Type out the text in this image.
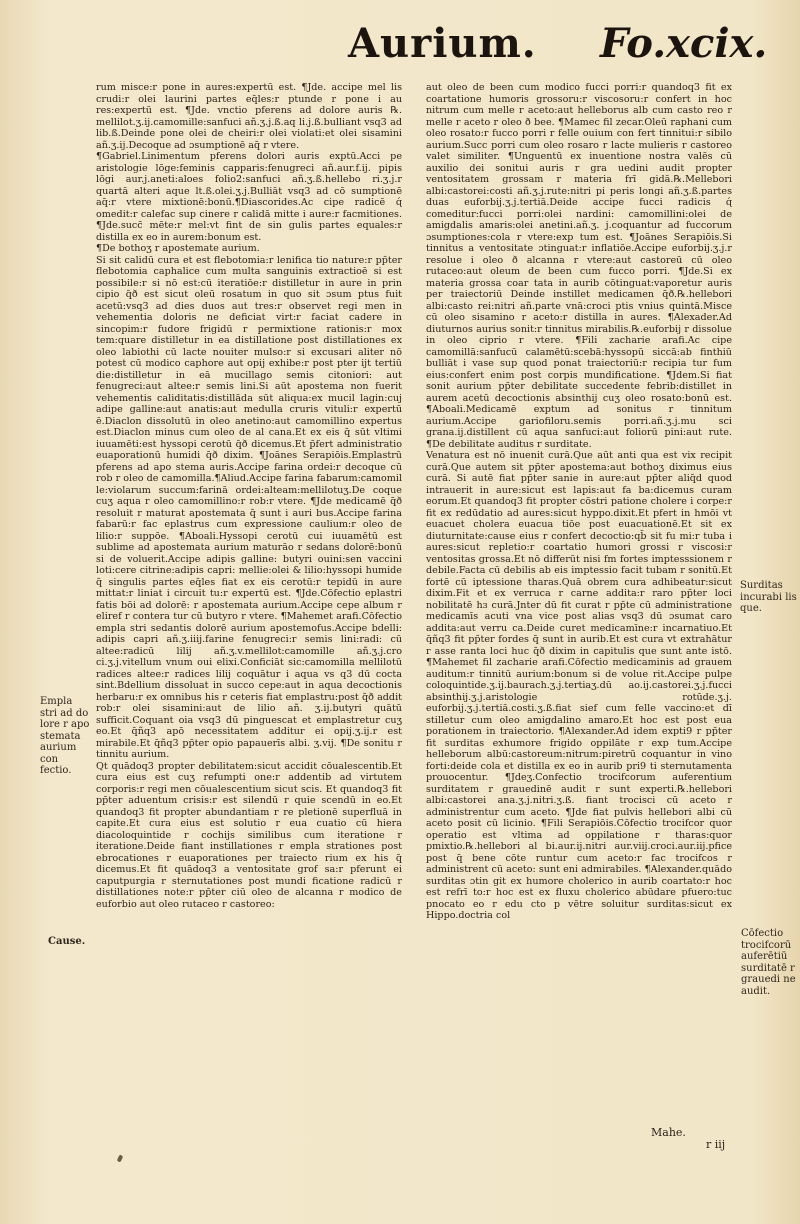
Aurium. Fo.xcix.

rum misce:r pone in aures:expertū est. ¶Jde. accipe mel lis crudi:r olei laurini partes eq̄les:r ptunde r pone i au res:expertū est. ¶Jde. vnctio pferens ad dolore auris ℞. mellilot.ʒ.ij.camomille:sanfuci añ.ʒ.j.ß.aq li.j.ß.bulliant vsq3 ad lib.ß.Deinde pone olei de cheiri:r olei violati:et olei sisamini añ.ʒ.ij.Decoque ad ɔsumptionē aq̄ r vtere.

¶Gabriel.Linimentum pferens dolori auris exptū.Acci pe aristologie lōge:feminis capparis:fenugreci añ.aur.f.ij. pipis lōgi aur.j.aneti:aloes folio2:sanfuci añ.ʒ.ß.hellebo ri.ʒ.j.r quartā alteri aque lt.ß.olei.ʒ.j.Bulliāt vsq3 ad cō sumptionē aq̄:r vtere mixtionē:bonū.¶Diascorides.Ac cipe radicē ɋ́ omedit:r calefac sup cinere r calidā mitte i aure:r facmitiones. ¶Jde.succ̄ mēte:r mel:vt fint de sin gulis partes equales:r distilla ex eo in aurem:bonum est.

¶De bothoʒ r apostemate aurium.

Si sit calidū cura et est flebotomia:r lenifica tio nature:r pp̄ter flebotomia caphalice cum multa sanguinis extractioē si est possibile:r si nō est:cū iteratiōe:r distilletur in aure in prin cipio q̄ð est sicut oleū rosatum in quo sit ɔsum ptus fuit acetū:vsq3 ad dies duos aut tres:r observet regi men in vehementia doloris ne deficiat virt:r faciat cadere in sincopim:r fudore frigidū r permixtione rationis:r mox tem:quare distilletur in ea distillatione post distillationes ex oleo labiothi cū lacte nouiter mulso:r si excusari aliter nō potest cū modico caphore aut opij exhibe:r post pter ijt tertiū die:distilletur in eā mucillago semis citoniori: aut fenugreci:aut altee:r semis lini.Si aūt apostema non fuerit vehementis caliditatis:distillāda sūt aliqua:ex mucil lagin:cuj adipe galline:aut anatis:aut medulla cruris vituli:r expertū ē.Diaclon dissolutū in oleo anetino:aut camomillino expertus est.Diaclon minus cum oleo de al cana.Et ex eis q̄ sūt vltimi iuuamēti:est hyssopi cerotū q̄ð dicemus.Et p̄fert administratio euaporationū humidi q̄ð dixim. ¶Joānes Serapiōis.Emplastrū pferens ad apo stema auris.Accipe farina ordei:r decoque cū rob r oleo de camomilla.¶Aliud.Accipe farina fabarum:camomil le:violarum succum:farinā ordei:alteam:mellilotuʒ.De coque cuʒ aqua r oleo camomillino:r rob:r vtere. ¶Jde medicamē q̄ð resoluit r maturat apostemata q̄ sunt i auri bus.Accipe farina fabarū:r fac eplastrus cum expressione caulium:r oleo de lilio:r suppōe. ¶Aboali.Hyssopi cerotū cui iuuamētū est sublime ad apostemata aurium maturāo r sedans dolorē:bonū si de voluerit.Accipe adipis galline: butyri ouini:sen vaccini loti:cere citrine:adipis capri: mellie:olei & lilio:hyssopi humide q̄ singulis partes eq̄les fiat ex eis cerotū:r tepidū in aure mittat:r liniat i circuit tu:r expertū est. ¶Jde.Cōfectio eplastri fatis bōi ad dolorē: r apostemata aurium.Accipe cepe album r eliref r contera tur cū butyro r vtere. ¶Mahemet arafi.Cōfectio empla stri sedantis dolorē aurium apostemofus.Accipe bdelli: adipis capri añ.ʒ.iiij.farine fenugreci:r semis lini:radi: cū altee:radicū lilij añ.ʒ.v.mellilot:camomille añ.ʒ.j.cro ci.ʒ.j.vitellum vnum oui elixi.Conficiāt sic:camomilla mellilotū radices altee:r radices lilij coquātur i aqua vs q3 dū cocta sint.Bdellium dissoluat in succo cepe:aut in aqua decoctionis herbaru:r ex omnibus his r ceteris fiat emplastru:post q̄ð addit rob:r olei sisamini:aut de lilio añ. ʒ.ij.butyri quātū sufficit.Coquant oia vsq3 dū pinguescat et emplastretur cuʒ eo.Et q̄ñq3 apō necessitatem additur ei opij.ʒ.ij.r est mirabile.Et q̄ñq3 pp̄ter opio papauerīs albi. ʒ.vij. ¶De sonitu r tinnitu aurium.

Qt quādoq3 propter debilitatem:sicut accidit cōualescentib.Et cura eius est cuʒ refumpti one:r addentib ad virtutem corporis:r regi men cōualescentium sicut scis. Et quandoq3 fit pp̄ter aduentum crisis:r est silendū r quie scendū in eo.Et quandoq3 fit propter abundantiam r re pletionē superfluā in capite.Et cura eius est solutio r eua cuatio cū hiera diacoloquintide r cochijs similibus cum iteratione r iteratione.Deide fiant instillationes r empla strationes post ebrocationes r euaporationes per traiecto rium ex his q̄ dicemus.Et fit quādoq3 a ventositate grof sa:r pferunt ei caputpurgia r sternutationes post mundi ficatione radicū r distillationes note:r pp̄ter ciū oleo de alcanna r modico de euforbio aut oleo rutaceo r castoreo:

aut oleo de been cum modico fucci porri:r quandoq3 fit ex coartatione humoris grossoru:r viscosoru:r confert in hoc nitrum cum melle r aceto:aut helleborus alb cum casto reo r melle r aceto r oleo ð bee. ¶Mamec fil zecar.Oleū raphani cum oleo rosato:r fucco porri r felle ouium con fert tinnitui:r sibilo aurium.Succ porri cum oleo rosaro r lacte mulieris r castoreo valet similiter. ¶Unguentū ex inuentione nostra valēs cū auxilio dei sonitui auris r gra uedini audit propter ventositatem grossam r materia frī gidā.℞.Mellebori albi:castorei:costi añ.ʒ.j.rute:nitri pi peris longi añ.ʒ.ß.partes duas euforbij.ʒ.j.tertiā.Deide accipe fucci radicis ɋ́ comeditur:fucci porri:olei nardini: camomillini:olei de amigdalis amaris:olei anetini.añ.ʒ. j.coquantur ad fuccorum ɔsumptiones:cola r vtere:exp tum est. ¶Joānes Serapiōis.Si tinnitus a ventositate ɔtinguat:r inflatiōe.Accipe euforbij.ʒ.j.r resolue i oleo ð alcanna r vtere:aut castoreū cū oleo rutaceo:aut oleum de been cum fucco porri. ¶Jde.Si ex materia grossa coar tata in aurib cōtinguat:vaporetur auris per traiectoriū Deinde instillet medicamen q̄ð.℞.hellebori albi:casto rei:nitri añ.parte vnā:croci ptis vnius quintā.Misce cū oleo sisamino r aceto:r distilla in aures. ¶Alexader.Ad diuturnos aurius sonit:r tinnitus mirabilis.℞.euforbij r dissolue in oleo ciprio r vtere. ¶Fili zacharie arafi.Ac cipe camomillā:sanfucū calamētū:scebā:hyssopū siccā:ab finthiū bulliāt i vase sup quod ponat traiectoriū:r recipia tur fum eius:confert enim post corpis mundificatione. ¶Jdem.Si fiat sonit aurium pp̄ter debilitate succedente febrib:distillet in aurem acetū decoctionis absinthij cuʒ oleo rosato:bonū est. ¶Aboali.Medicamē exptum ad sonitus r tinnitum aurium.Accipe gariofiloru.semis porri.añ.ʒ.j.mu sci grana.ij.distillent cū aqua sanfuci:aut foliorū pini:aut rute. ¶De debilitate auditus r surditate.

Venatura est nō inuenit curā.Que aūt anti qua est vix recipit curā.Que autem sit pp̄ter apostema:aut bothoʒ diximus eius curā. Si autē fiat pp̄ter sanie in aure:aut pp̄ter aliq̄d quod intrauerit in aure:sicut est lapis:aut fa ba:dicemus curam eorum.Et quandoq3 fit propter cōstri patione cholere i corpe:r fit ex redūdatio ad aures:sicut hyppo.dixit.Et pfert in hmōi vt euacuet cholera euacua tiōe post euacuationē.Et sit ex diuturnitate:cause eius r confert decoctio:qb̄ sit fu mi:r tuba i aures:sicut repletio:r coartatio humori grossi r viscosi:r ventositas grossa.Et nō differūt nisi fm fortes imptesssionem r debile.Facta cū debilis ab eis imptessio facit tubam r sonitū.Et fortē cū iptessione tharas.Quā obrem cura adhibeatur:sicut dixim.Fit et ex verruca r carne addita:r raro pp̄ter loci nobilitatē hɜ curā.Jnter dū fit curat r pp̄te cū administratione medicamīs acuti vna vice post alias vsq3 dū ɔsumat caro addita:aut verru ca.Deide curet medicamīne:r incarnatiuo.Et q̄ñq3 fit pp̄ter fordes q̄ sunt in aurib.Et est cura vt extrahātur r asse ranta loci huc q̄ð dixim in capitulis que sunt ante istō. ¶Mahemet fil zacharie arafi.Cōfectio medicaminis ad grauem auditum:r tinnitū aurium:bonum si de volue rit.Accipe pulpe coloquintide.ʒ.ij.baurach.ʒ.j.tertiaʒ.dū ao.ij.castorei.ʒ.j.fucci absinthij.ʒ.j.aristologie rotūde.ʒ.j. euforbij.ʒ.j.tertiā.costi.ʒ.ß.fiat sief cum felle vaccino:et dī stilletur cum oleo amigdalino amaro.Et hoc est post eua porationem in traiectorio. ¶Alexander.Ad idem expti9 r pp̄ter fit surditas exhumore frigido oppilāte r exp tum.Accipe helleborum albū:castoreum:nitrum:piretrū coquantur in vino forti:deide cola et distilla ex eo in aurib pri9 ti sternutamenta prouocentur. ¶Jdeʒ.Confectio trocifcorum auferentium surditatem r grauedinē audit r sunt experti.℞.hellebori albi:castorei ana.ʒ.j.nitri.ʒ.ß. fiant trocisci cū aceto r administrentur cum aceto. ¶Jde fiat pulvis hellebori albi cū aceto posit cū licinio. ¶Fili Serapiōis.Cōfectio trocifcor quor operatio est vltima ad oppilatione r tharas:quor pmixtio.℞.hellebori al bi.aur.ij.nitri aur.viij.croci.aur.iij.pfice post q̄ bene cōte runtur cum aceto:r fac trocifcos r administrent cū aceto: sunt eni admirabiles. ¶Alexander.quādo surditas ɔtin git ex humore cholerico in aurib coartato:r hoc est refrī to:r hoc est ex fluxu cholerico abūdare pfuero:tuc pnocato eo r edu cto p vētre soluitur surditas:sicut ex Hippo.doctria col

Empla stri ad do lore r apo stemata aurium con fectio.
Cause.
Surditas incurabi lis que.
Cōfectio trocifcorū auferētiū surditatē r grauedi ne audit.
Mahe.
r iij
